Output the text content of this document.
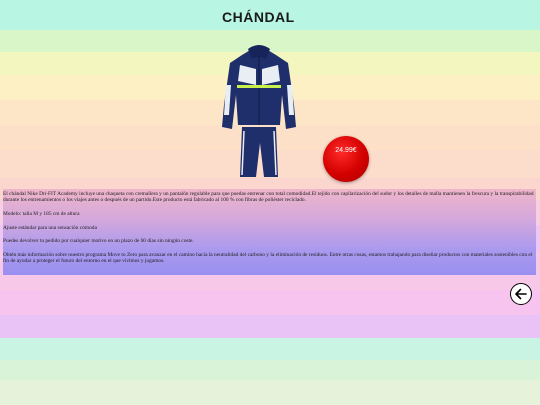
CHÁNDAL
24.99€

El chándal Nike Dri-FIT Academy incluye una chaqueta con cremallera y un pantalón regulable para que puedas entrenar con total comodidad.El tejido con capilarización del sudor y los detalles de malla mantienen la frescura y la transpirabilidad durante los entrenamientos o los viajes antes o después de un partido.Este producto está fabricado al 100 % con fibras de poliéster reciclado.

Modelo: talla M y 185 cm de altura

Ajuste estándar para una sensación cómoda

Puedes devolver tu pedido por cualquier motivo en un plazo de 60 días sin ningún coste.

Obtén más información sobre nuestro programa Move to Zero para avanzar en el camino hacia la neutralidad del carbono y la eliminación de residuos. Entre otras cosas, estamos trabajando para diseñar productos con materiales sostenibles con el fin de ayudar a proteger el futuro del entorno en el que vivimos y jugamos.
